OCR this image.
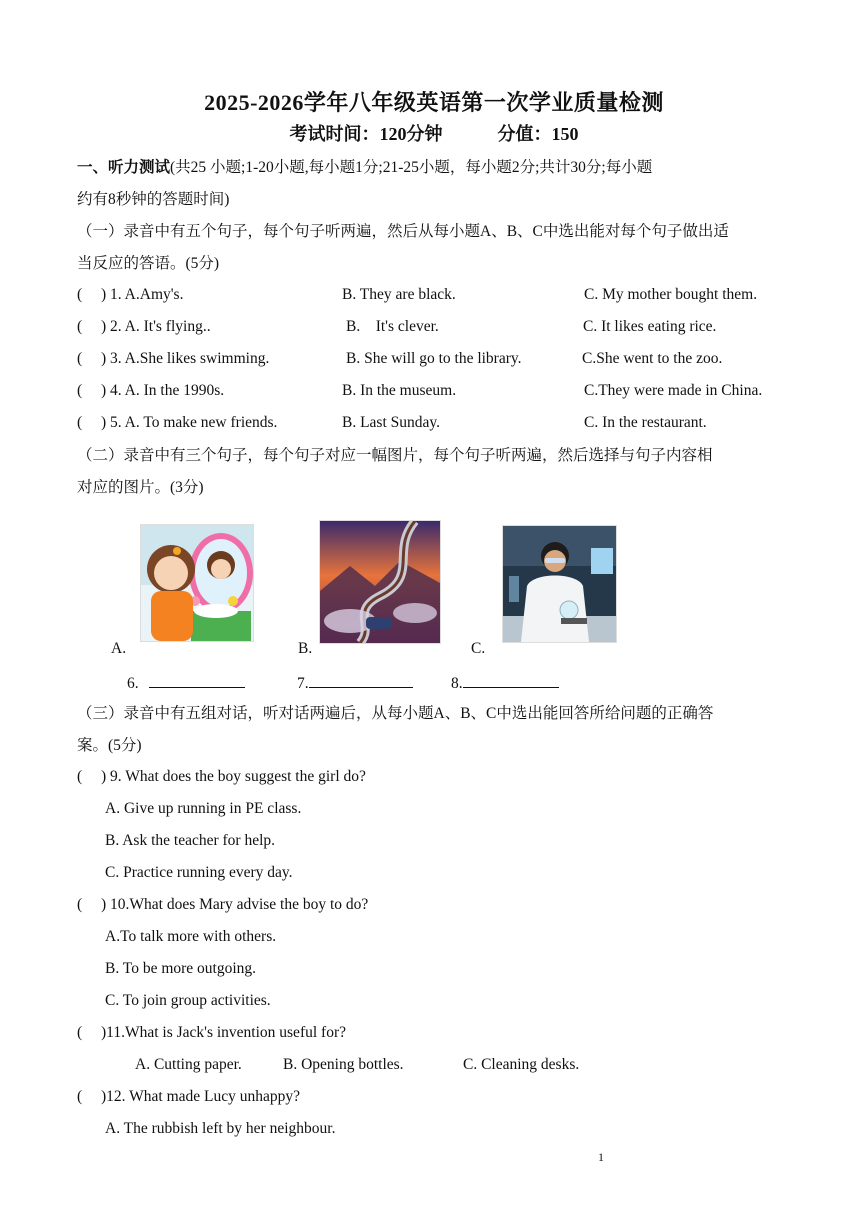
2025-2026学年八年级英语第一次学业质量检测
考试时间：120分钟	分值：150
一、听力测试(共25 小题;1-20小题,每小题1分;21-25小题，每小题2分;共计30分;每小题
约有8秒钟的答题时间)
（一）录音中有五个句子，每个句子听两遍，然后从每小题A、B、C中选出能对每个句子做出适
当反应的答语。(5分)
( ) 1. A.Amy's.	B. They are black.	C. My mother bought them.
( ) 2. A. It's flying..	B.    It's clever.	C. It likes eating rice.
( ) 3. A.She likes swimming.	B. She will go to the library.	C.She went to the zoo.
( ) 4. A. In the 1990s.	B. In the museum.	C.They were made in China.
( ) 5. A. To make new friends.	B. Last Sunday.	C. In the restaurant.
（二）录音中有三个句子，每个句子对应一幅图片，每个句子听两遍，然后选择与句子内容相
对应的图片。(3分)
A.	B.	C.
6.	7.	8.
（三）录音中有五组对话，听对话两遍后，从每小题A、B、C中选出能回答所给问题的正确答
案。(5分)
( ) 9. What does the boy suggest the girl do?
A. Give up running in PE class.
B. Ask the teacher for help.
C. Practice running every day.
( ) 10.What does Mary advise the boy to do?
A.To talk more with others.
B. To be more outgoing.
C. To join group activities.
( )11.What is Jack's invention useful for?
A. Cutting paper.	B. Opening bottles.	C. Cleaning desks.
( )12. What made Lucy unhappy?
A. The rubbish left by her neighbour.
1
